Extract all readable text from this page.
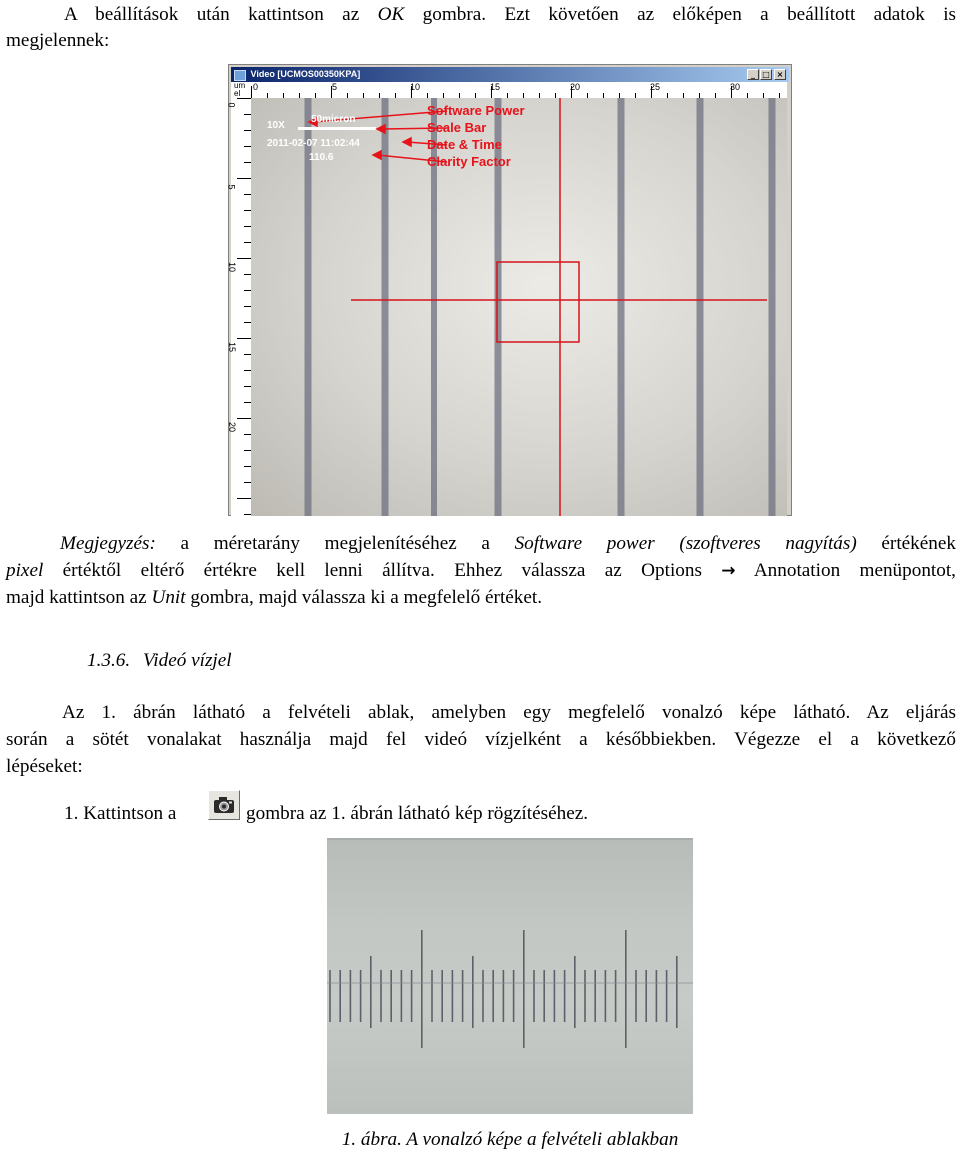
A beállítások után kattintson az OK gombra. Ezt követően az előképen a beállított adatok is
megjelennek:
Video [UCMOS00350KPA]	_ □ ×
um
el
0	5	10	15	20	25	30
0
5
10
15
20
10X
50micron
2011-02-07 11:02:44
110.6
Software Power
Scale Bar
Date & Time
Clarity Factor
Megjegyzés: a méretarány megjelenítéséhez a Software power (szoftveres nagyítás) értékének
pixel értéktől eltérő értékre kell lenni állítva. Ehhez válassza az Options → Annotation menüpontot,
majd kattintson az Unit gombra, majd válassza ki a megfelelő értéket.
1.3.6. Videó vízjel
Az 1. ábrán látható a felvételi ablak, amelyben egy megfelelő vonalzó képe látható. Az eljárás
során a sötét vonalakat használja majd fel videó vízjelként a későbbiekben. Végezze el a következő
lépéseket:
1. Kattintson a	gombra az 1. ábrán látható kép rögzítéséhez.
1. ábra. A vonalzó képe a felvételi ablakban
